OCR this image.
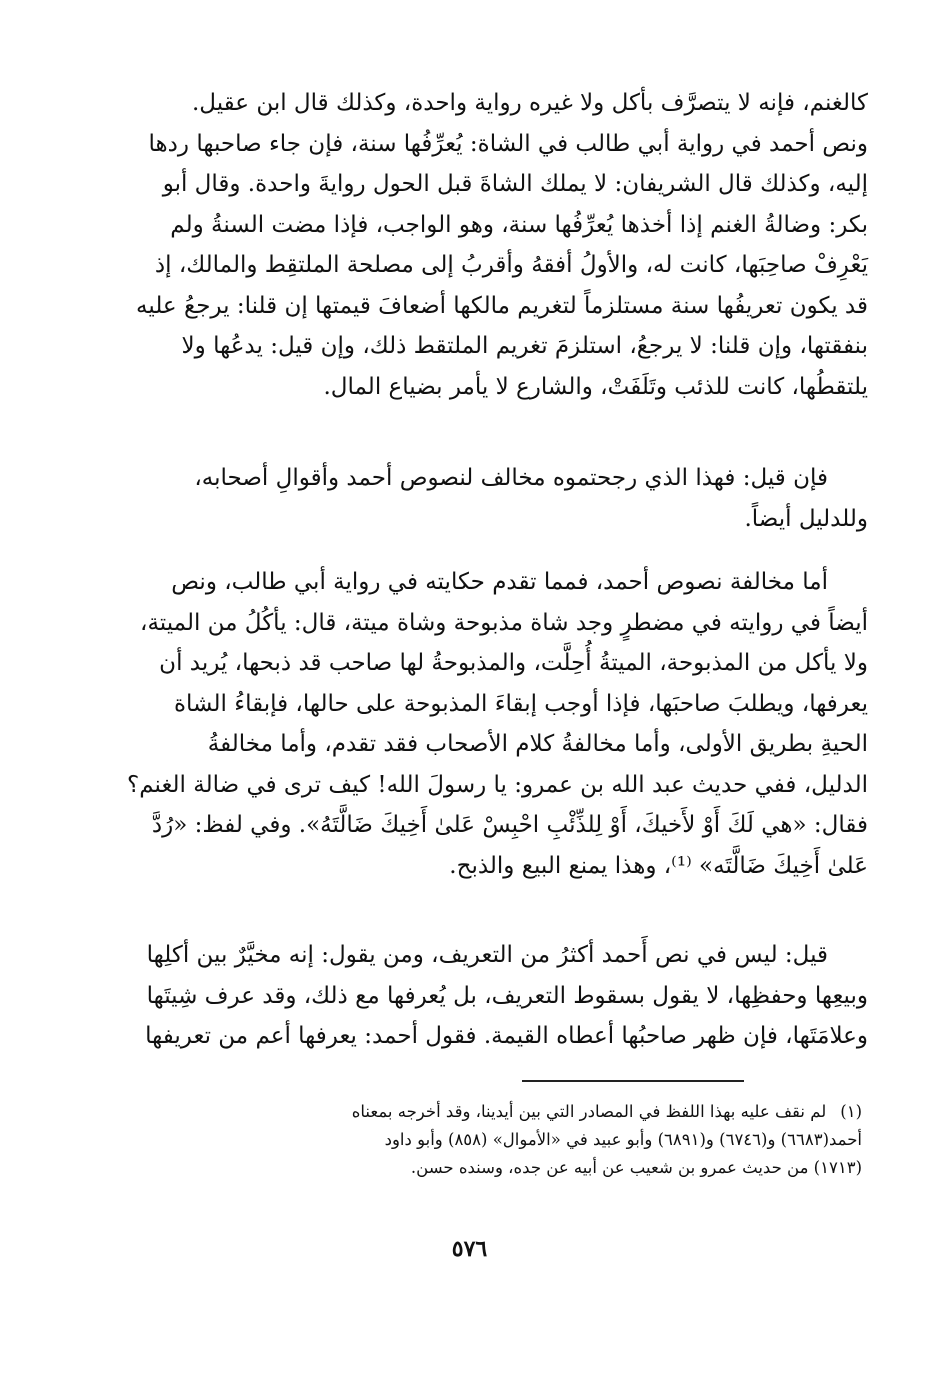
كالغنم، فإنه لا يتصرَّف بأكل ولا غيره رواية واحدة، وكذلك قال ابن عقيل.
ونص أحمد في رواية أبي طالب في الشاة: يُعرِّفُها سنة، فإن جاء صاحبها ردها
إليه، وكذلك قال الشريفان: لا يملك الشاةَ قبل الحول روايةَ واحدة. وقال أبو
بكر: وضالةُ الغنم إذا أخذها يُعرِّفُها سنة، وهو الواجب، فإذا مضت السنةُ ولم
يَعْرِفْ صاحِبَها، كانت له، والأولُ أفقهُ وأقربُ إلى مصلحة الملتقِط والمالك، إذ
قد يكون تعريفُها سنة مستلزماً لتغريم مالكها أضعافَ قيمتها إن قلنا: يرجعُ عليه
بنفقتها، وإن قلنا: لا يرجعُ، استلزمَ تغريم الملتقط ذلك، وإن قيل: يدعُها ولا
يلتقطُها، كانت للذئب وتَلَفَتْ، والشارع لا يأمر بضياع المال.
فإن قيل: فهذا الذي رجحتموه مخالف لنصوص أحمد وأقوالِ أصحابه،
وللدليل أيضاً.
أما مخالفة نصوص أحمد، فمما تقدم حكايته في رواية أبي طالب، ونص
أيضاً في روايته في مضطرٍ وجد شاة مذبوحة وشاة ميتة، قال: يأكُلُ من الميتة،
ولا يأكل من المذبوحة، الميتةُ أُحِلَّت، والمذبوحةُ لها صاحب قد ذبحها، يُريد أن
يعرفها، ويطلبَ صاحبَها، فإذا أوجب إبقاءَ المذبوحة على حالها، فإبقاءُ الشاة
الحيةِ بطريق الأولى، وأما مخالفةُ كلام الأصحاب فقد تقدم، وأما مخالفةُ
الدليل، ففي حديث عبد الله بن عمرو: يا رسولَ الله! كيف ترى في ضالة الغنم؟
فقال: «هي لَكَ أَوْ لأَخيكَ، أَوْ لِلذِّئْبِ احْبِسْ عَلىٰ أَخِيكَ ضَالَّتَهُ». وفي لفظ: «رُدَّ
عَلىٰ أَخِيكَ ضَالَّتَه» ⁽¹⁾، وهذا يمنع البيع والذبح.
قيل: ليس في نص أَحمد أكثرُ من التعريف، ومن يقول: إنه مخيَّرٌ بين أكلِها
وبيعِها وحفظِها، لا يقول بسقوط التعريف، بل يُعرفها مع ذلك، وقد عرف شِيتَها
وعلامَتَها، فإن ظهر صاحبُها أعطاه القيمة. فقول أحمد: يعرفها أعم من تعريفها
(١)لم نقف عليه بهذا اللفظ في المصادر التي بين أيدينا، وقد أخرجه بمعناه
أحمد(٦٦٨٣) و(٦٧٤٦) و(٦٨٩١) وأبو عبيد في «الأموال» (٨٥٨) وأبو داود
(١٧١٣) من حديث عمرو بن شعيب عن أبيه عن جده، وسنده حسن.
٥٧٦
